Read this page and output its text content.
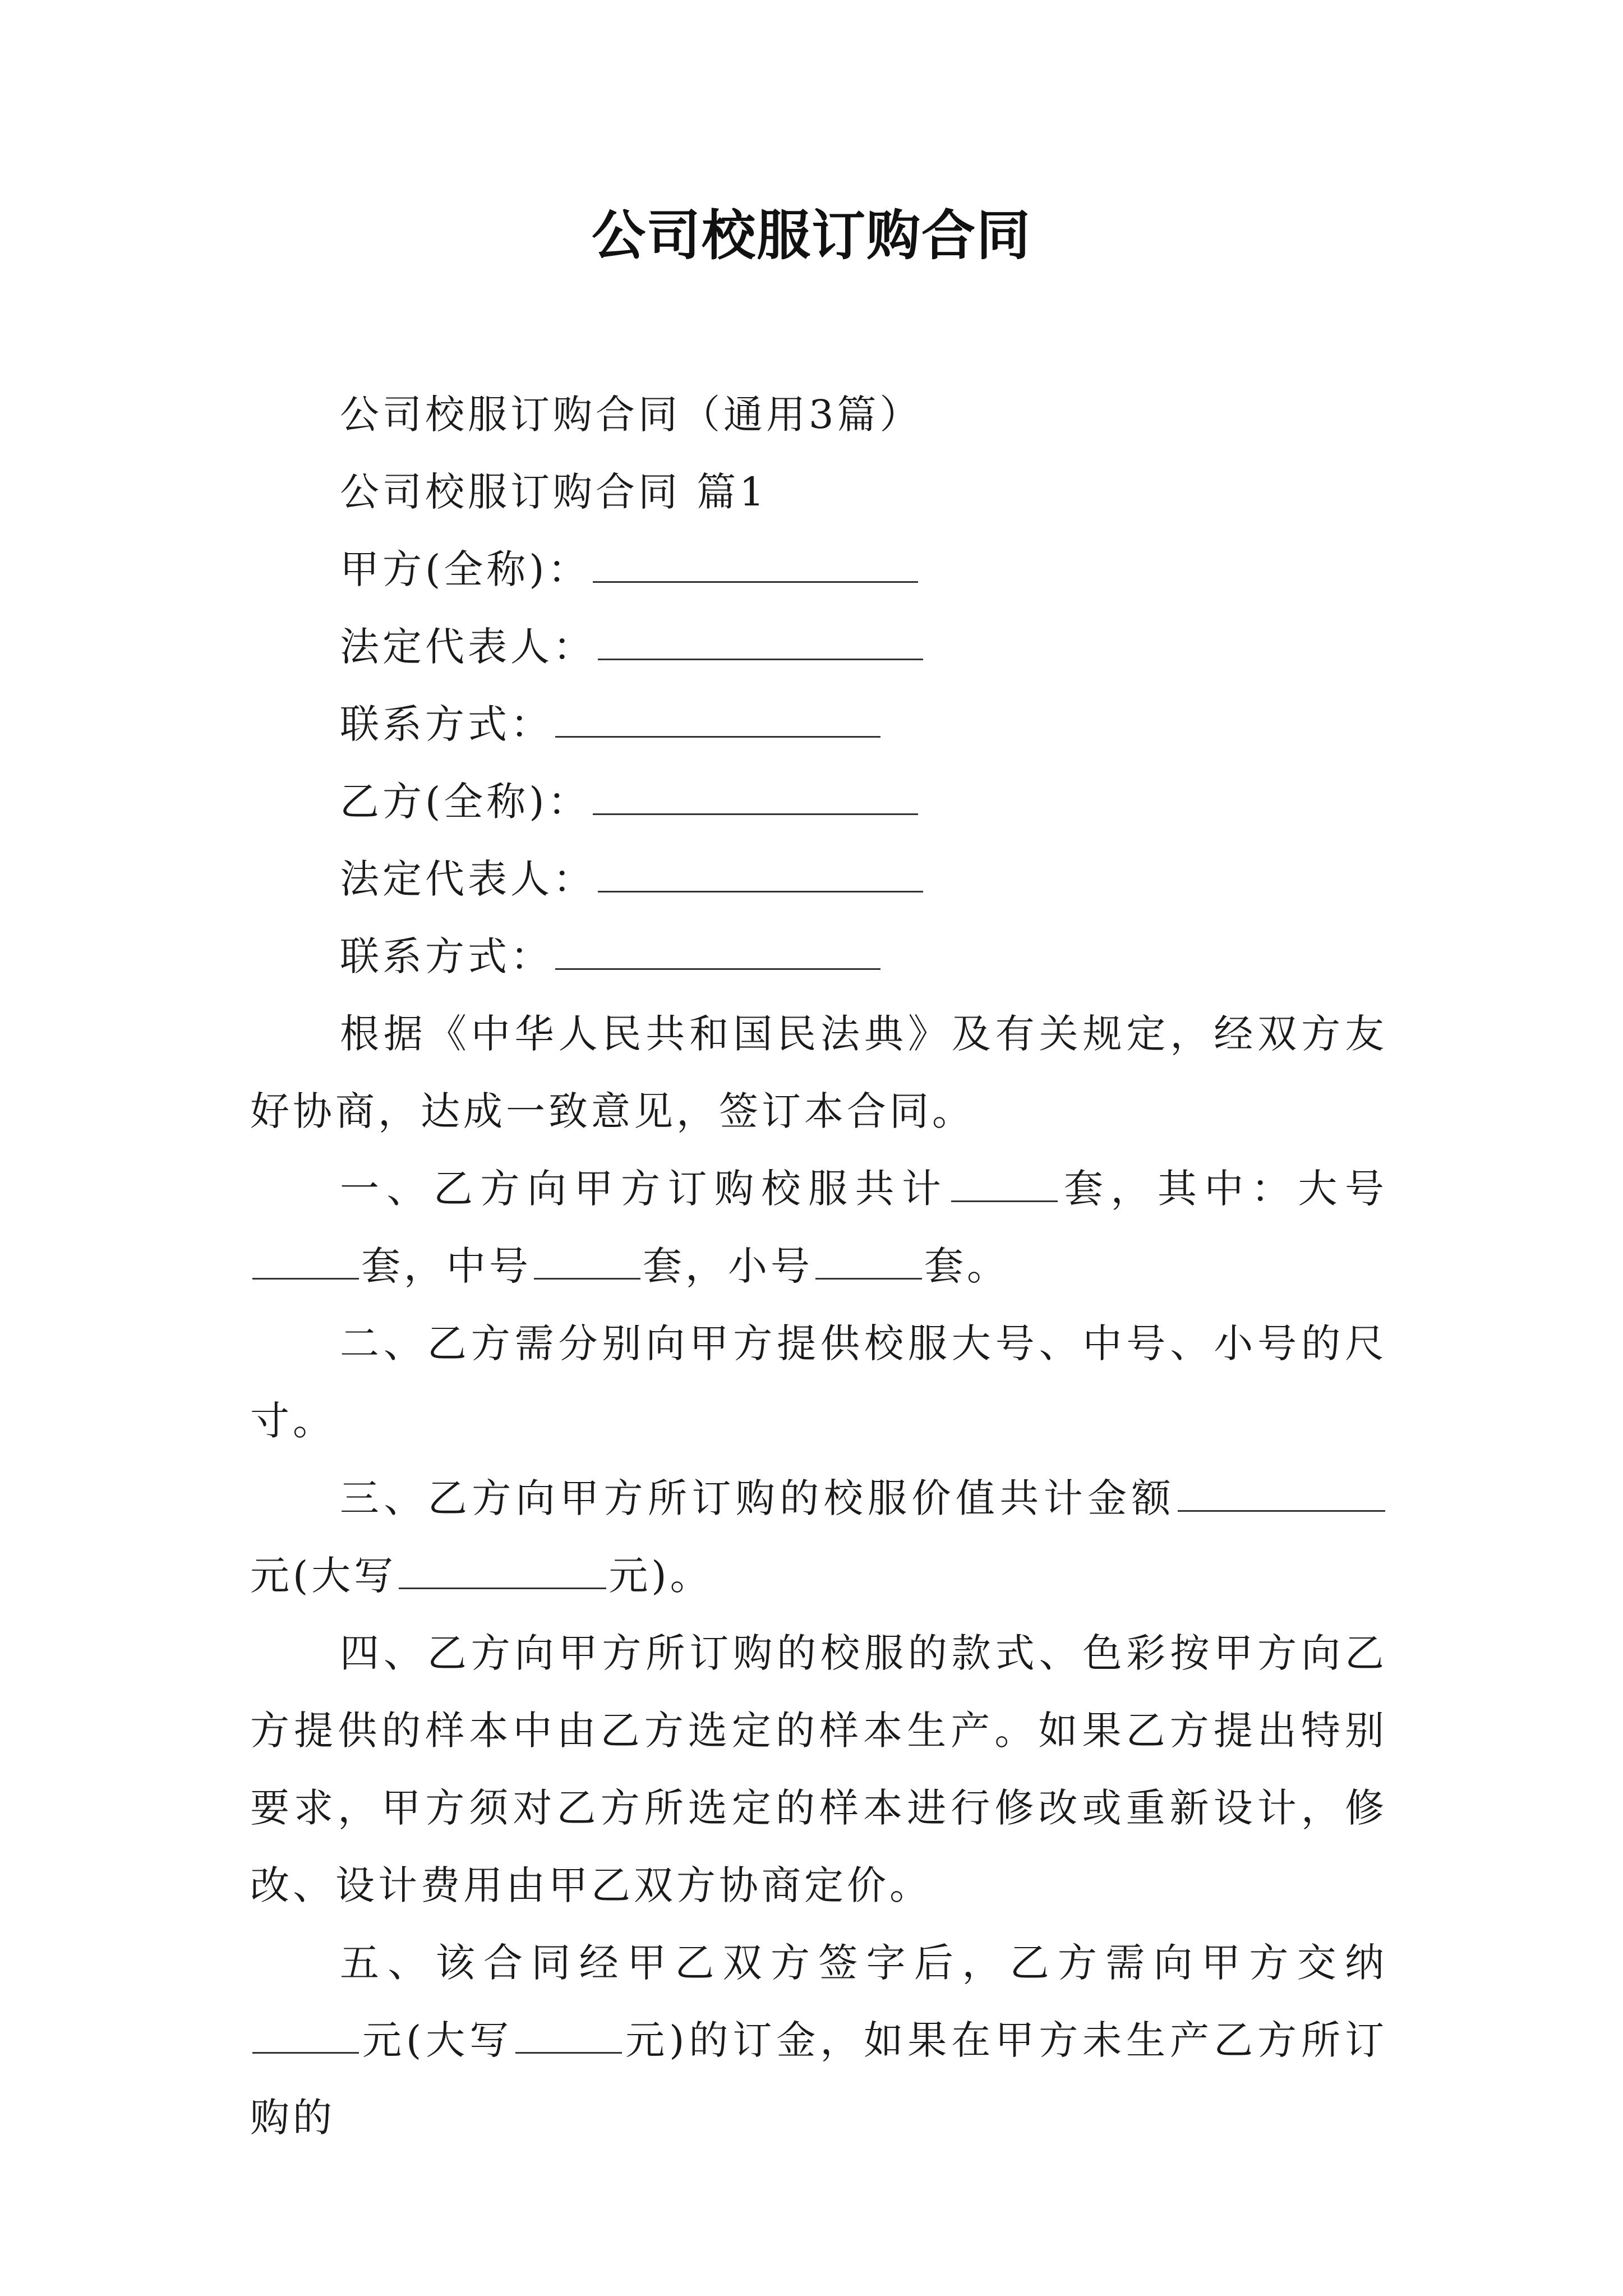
公司校服订购合同

公司校服订购合同（通用3篇）

公司校服订购合同 篇1

甲方(全称)：

法定代表人：

联系方式：

乙方(全称)：

法定代表人：

联系方式：

根据《中华人民共和国民法典》及有关规定，经双方友好协商，达成一致意见，签订本合同。

一、乙方向甲方订购校服共计	套，其中：大号套，中号	套，小号	套。

二、乙方需分别向甲方提供校服大号、中号、小号的尺寸。

三、乙方向甲方所订购的校服价值共计金额元(大写	元)。

四、乙方向甲方所订购的校服的款式、色彩按甲方向乙方提供的样本中由乙方选定的样本生产。如果乙方提出特别要求，甲方须对乙方所选定的样本进行修改或重新设计，修改、设计费用由甲乙双方协商定价。

五、该合同经甲乙双方签字后，乙方需向甲方交纳元(大写	元)的订金，如果在甲方未生产乙方所订购的
